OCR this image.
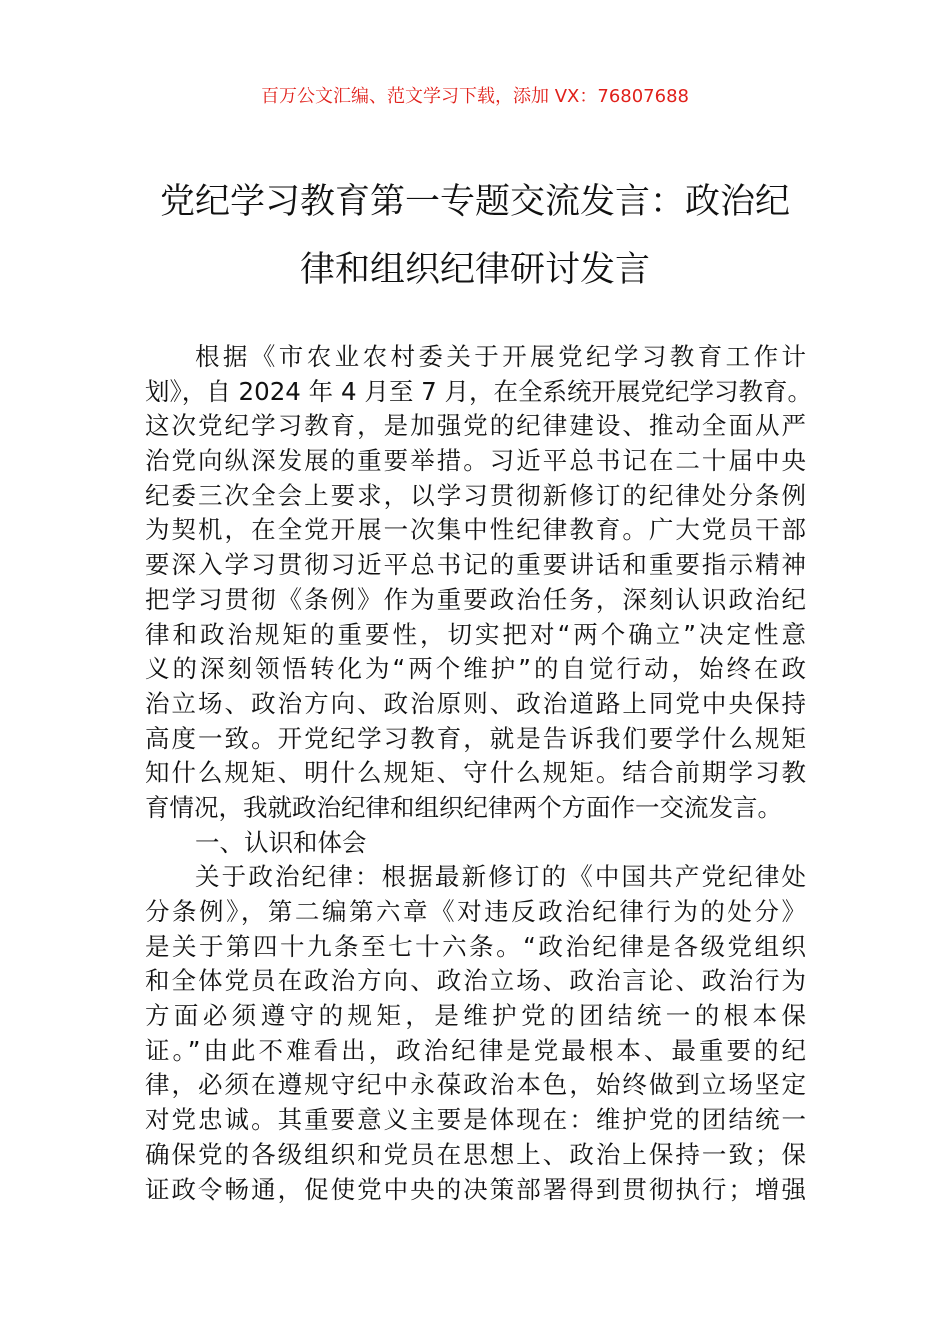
百万公文汇编、范文学习下载，添加 VX：76807688
党纪学习教育第一专题交流发言：政治纪
律和组织纪律研讨发言
根据《市农业农村委关于开展党纪学习教育工作计
划》，自 2024 年 4 月至 7 月，在全系统开展党纪学习教育。
这次党纪学习教育，是加强党的纪律建设、推动全面从严
治党向纵深发展的重要举措。习近平总书记在二十届中央
纪委三次全会上要求，以学习贯彻新修订的纪律处分条例
为契机，在全党开展一次集中性纪律教育。广大党员干部
要深入学习贯彻习近平总书记的重要讲话和重要指示精神
把学习贯彻《条例》作为重要政治任务，深刻认识政治纪
律和政治规矩的重要性，切实把对“两个确立”决定性意
义的深刻领悟转化为“两个维护”的自觉行动，始终在政
治立场、政治方向、政治原则、政治道路上同党中央保持
高度一致。开党纪学习教育，就是告诉我们要学什么规矩
知什么规矩、明什么规矩、守什么规矩。结合前期学习教
育情况，我就政治纪律和组织纪律两个方面作一交流发言。
一、认识和体会
关于政治纪律：根据最新修订的《中国共产党纪律处
分条例》，第二编第六章《对违反政治纪律行为的处分》
是关于第四十九条至七十六条。“政治纪律是各级党组织
和全体党员在政治方向、政治立场、政治言论、政治行为
方面必须遵守的规矩，是维护党的团结统一的根本保
证。”由此不难看出，政治纪律是党最根本、最重要的纪
律，必须在遵规守纪中永葆政治本色，始终做到立场坚定
对党忠诚。其重要意义主要是体现在：维护党的团结统一
确保党的各级组织和党员在思想上、政治上保持一致；保
证政令畅通，促使党中央的决策部署得到贯彻执行；增强
